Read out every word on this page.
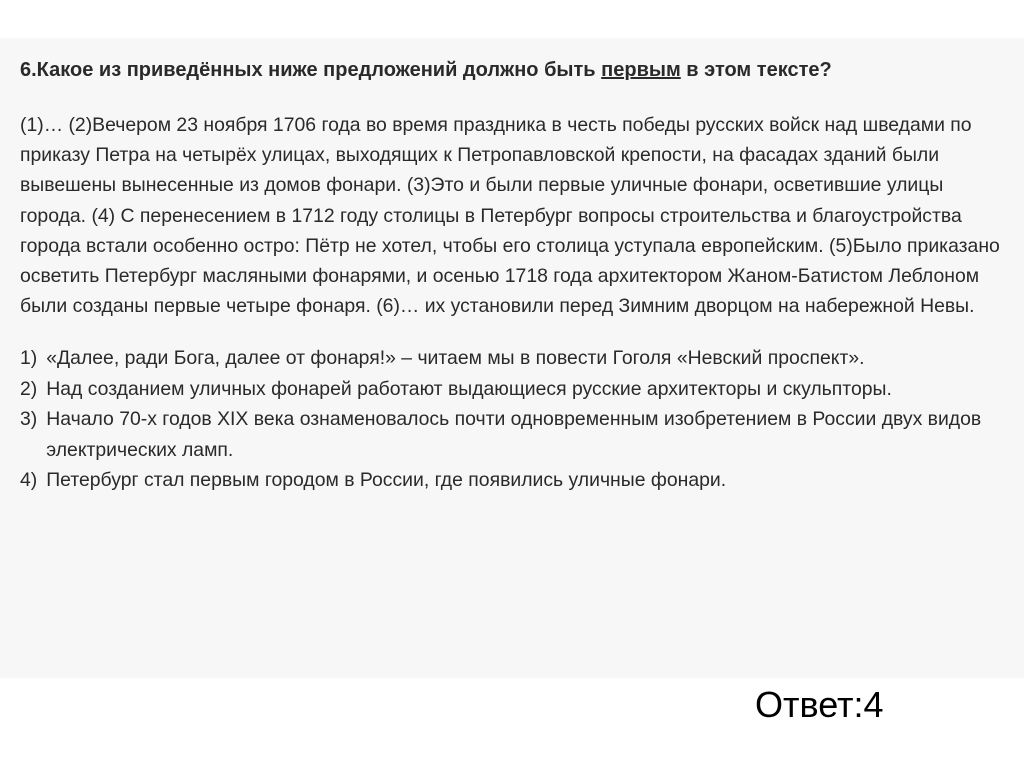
6.Какое из приведённых ниже предложений должно быть первым в этом тексте?
(1)… (2)Вечером 23 ноября 1706 года во время праздника в честь победы русских войск над шведами по приказу Петра на четырёх улицах, выходящих к Петропавловской крепости, на фасадах зданий были вывешены вынесенные из домов фонари. (3)Это и были первые уличные фонари, осветившие улицы города. (4) С перенесением в 1712 году столицы в Петербург вопросы строительства и благоустройства города встали особенно остро: Пётр не хотел, чтобы его столица уступала европейским. (5)Было приказано осветить Петербург масляными фонарями, и осенью 1718 года архитектором Жаном-Батистом Леблоном были созданы первые четыре фонаря. (6)… их установили перед Зимним дворцом на набережной Невы.
1) «Далее, ради Бога, далее от фонаря!» – читаем мы в повести Гоголя «Невский проспект».
2) Над созданием уличных фонарей работают выдающиеся русские архитекторы и скульпторы.
3) Начало 70-х годов XIX века ознаменовалось почти одновременным изобретением в России двух видов электрических ламп.
4) Петербург стал первым городом в России, где появились уличные фонари.
Ответ:4
